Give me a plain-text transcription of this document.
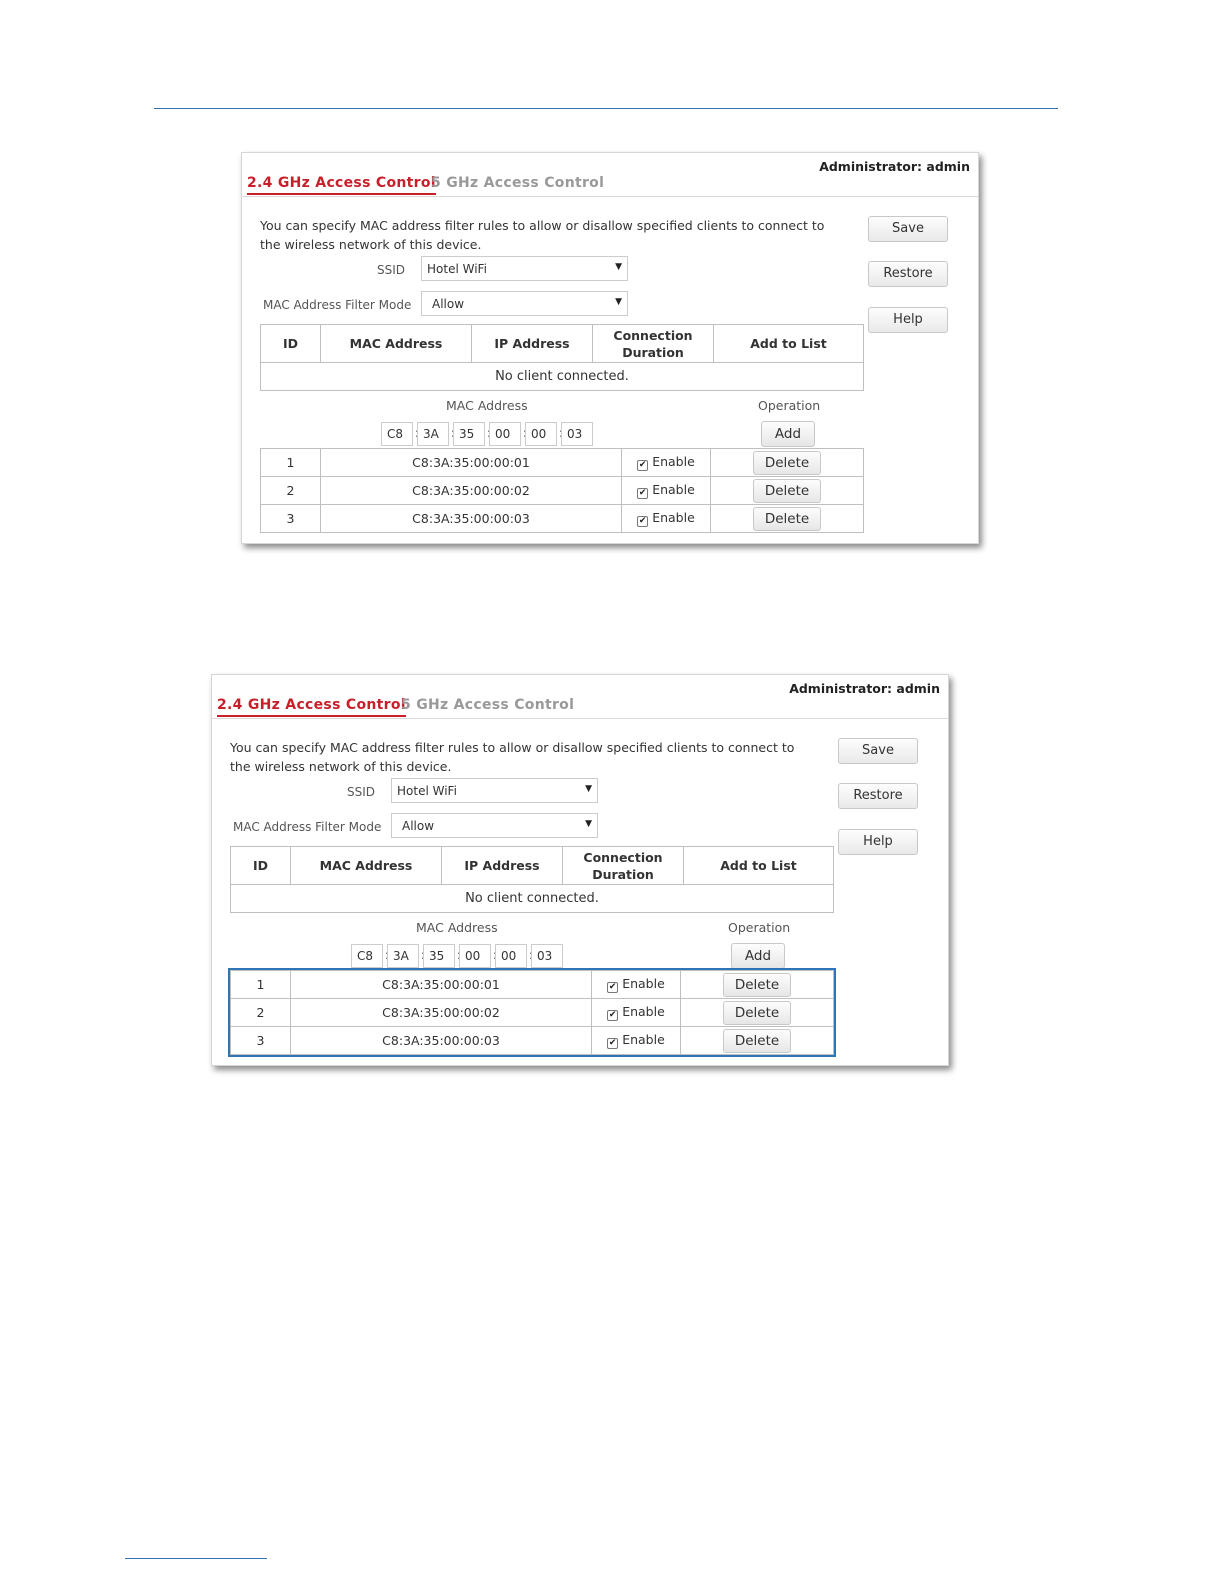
Administrator: admin
2.4 GHz Access Control
5 GHz Access Control
You can specify MAC address filter rules to allow or disallow specified clients to connect to the wireless network of this device.
SSID	Hotel WiFi	▼
MAC Address Filter Mode	Allow	▼
Save
Restore
Help
ID	MAC Address	IP Address	Connection Duration	Add to List
No client connected.
MAC Address	Operation
C8 : 3A	: 35	: 00	: 00	: 03	Add
1	C8:3A:35:00:00:01	✔ Enable	Delete
2	C8:3A:35:00:00:02	✔ Enable	Delete
3	C8:3A:35:00:00:03	✔ Enable	Delete
Administrator: admin
2.4 GHz Access Control
5 GHz Access Control
You can specify MAC address filter rules to allow or disallow specified clients to connect to the wireless network of this device.
SSID	Hotel WiFi	▼
MAC Address Filter Mode	Allow	▼
Save
Restore
Help
ID	MAC Address	IP Address	Connection Duration	Add to List
No client connected.
MAC Address	Operation
C8 : 3A	: 35	: 00	: 00	: 03	Add
1	C8:3A:35:00:00:01	✔ Enable	Delete
2	C8:3A:35:00:00:02	✔ Enable	Delete
3	C8:3A:35:00:00:03	✔ Enable	Delete
